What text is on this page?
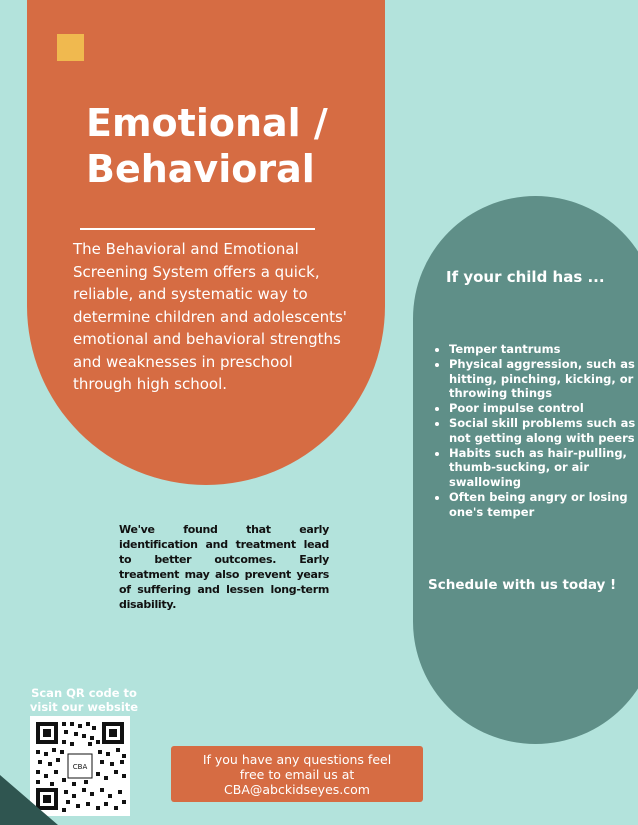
Emotional /
Behavioral
The Behavioral and Emotional Screening System offers a quick, reliable, and systematic way to determine children and adolescents' emotional and behavioral strengths and weaknesses in preschool through high school.
If your child has ...
• Temper tantrums
• Physical aggression, such as hitting, pinching, kicking, or throwing things
• Poor impulse control
• Social skill problems such as not getting along with peers
• Habits such as hair-pulling, thumb-sucking, or air swallowing
• Often being angry or losing one's temper
Schedule with us today !
We've found that early identification and treatment lead to better outcomes. Early treatment may also prevent years of suffering and lessen long-term disability.
Scan QR code to
visit our website
CBA	If you have any questions feel
free to email us at
CBA@abckidseyes.com
